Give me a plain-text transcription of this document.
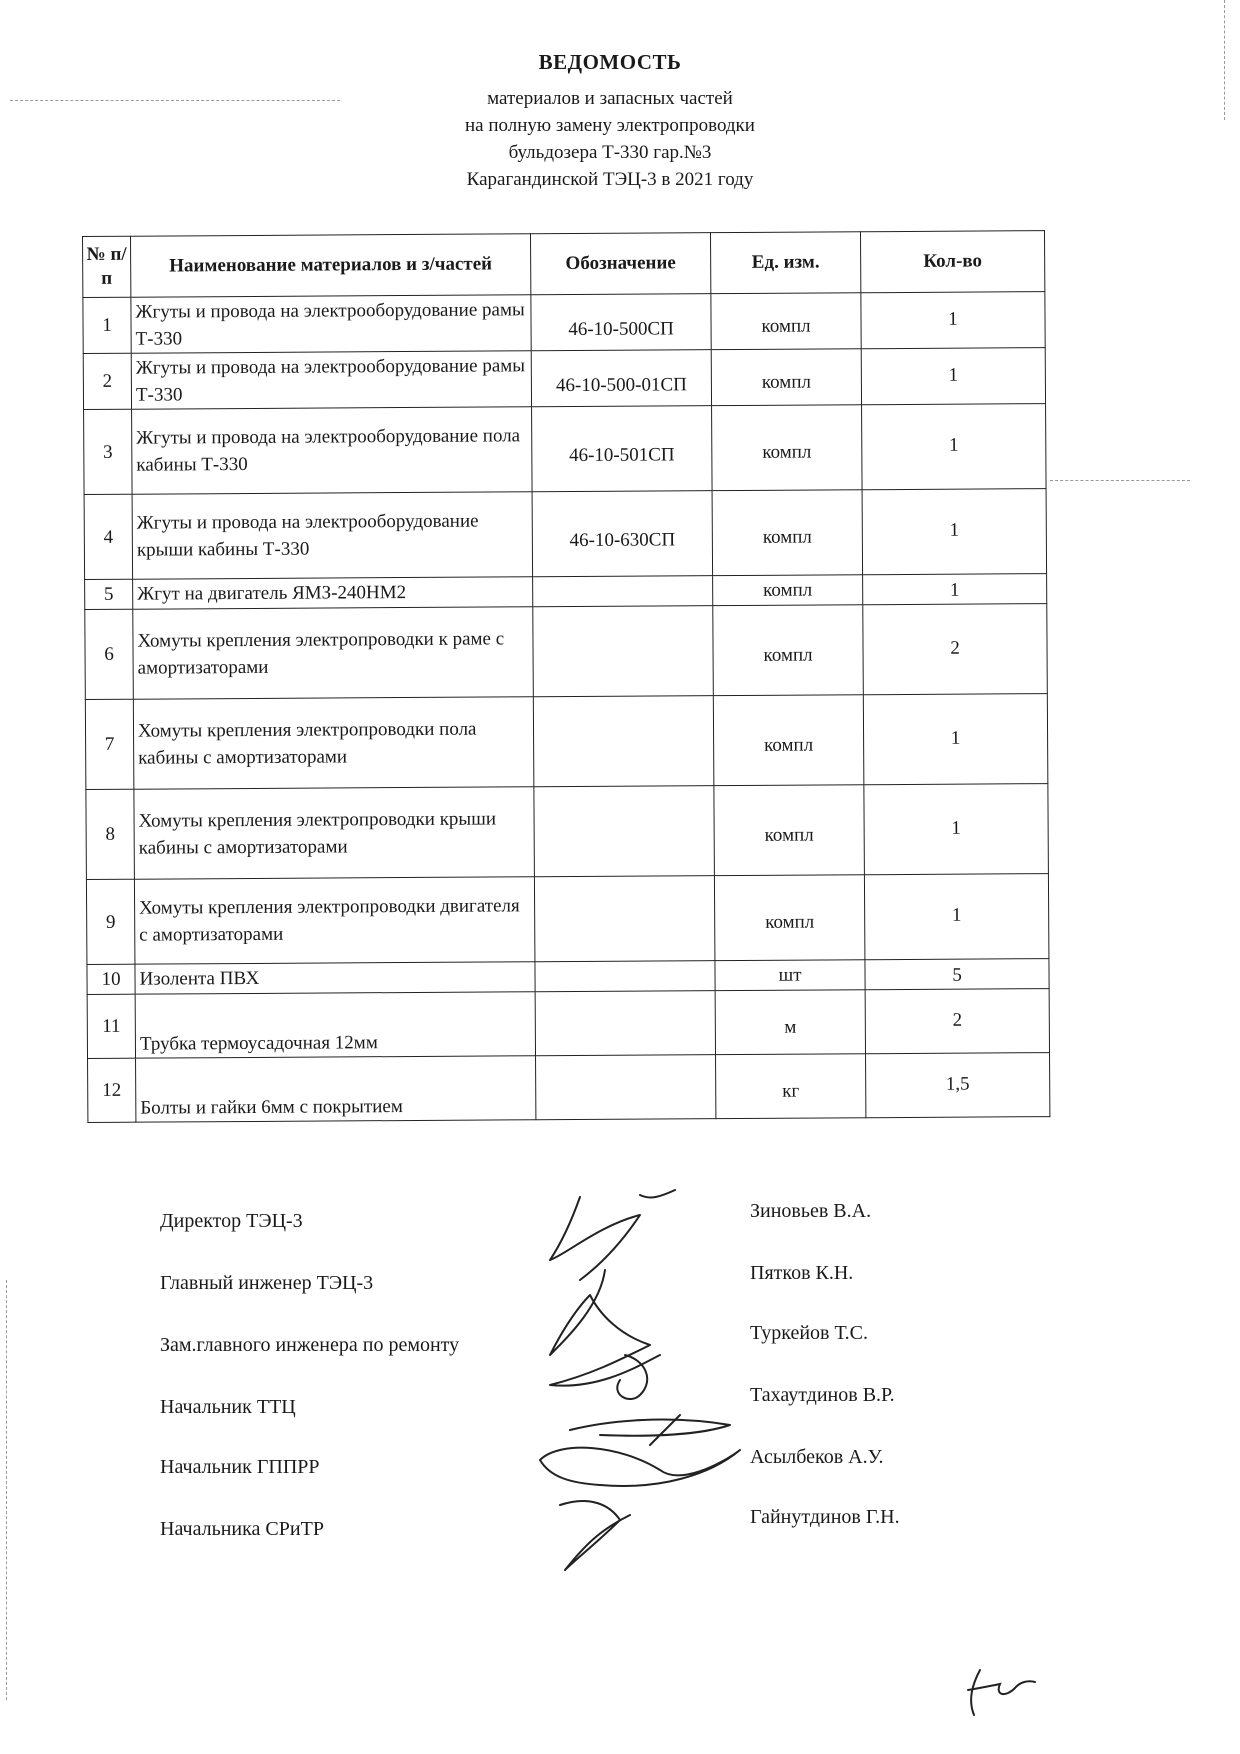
ВЕДОМОСТЬ
материалов и запасных частей
на полную замену электропроводки
бульдозера Т-330 гар.№3
Карагандинской ТЭЦ-3 в 2021 году
№ п/п	Наименование материалов и з/частей	Обозначение	Ед. изм.	Кол-во
1	Жгуты и провода на электрооборудование рамы Т-330	46-10-500СП	компл	1
2	Жгуты и провода на электрооборудование рамы Т-330	46-10-500-01СП	компл	1
3	Жгуты и провода на электрооборудование пола кабины Т-330	46-10-501СП	компл	1
4	Жгуты и провода на электрооборудование крыши кабины Т-330	46-10-630СП	компл	1
5	Жгут на двигатель ЯМЗ-240НМ2		компл	1
6	Хомуты крепления электропроводки к раме с амортизаторами		компл	2
7	Хомуты крепления электропроводки пола кабины с амортизаторами		компл	1
8	Хомуты крепления электропроводки крыши кабины с амортизаторами		компл	1
9	Хомуты крепления электропроводки двигателя с амортизаторами		компл	1
10	Изолента ПВХ		шт	5
11	Трубка термоусадочная 12мм		м	2
12	Болты и гайки 6мм с покрытием		кг	1,5
Директор ТЭЦ-3	Зиновьев В.А.
Главный инженер ТЭЦ-3	Пятков К.Н.
Зам.главного инженера по ремонту
Туркейов Т.С.
Начальник ТТЦ
Тахаутдинов В.Р.
Начальник ГППРР	Асылбеков А.У.
Начальника СРиТР
Гайнутдинов Г.Н.
